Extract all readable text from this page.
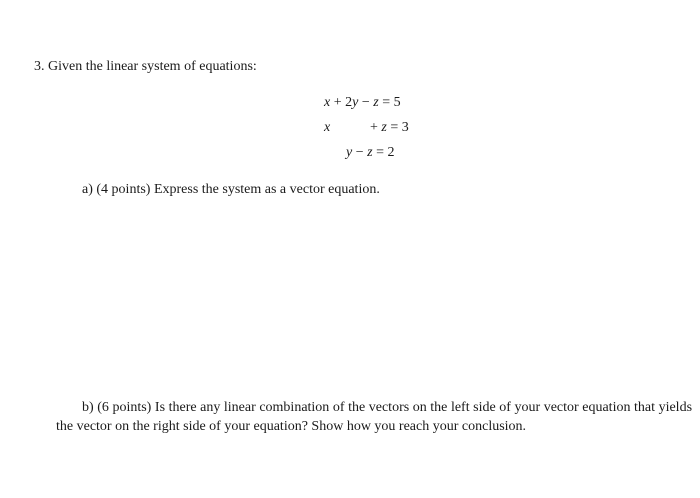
3. Given the linear system of equations:
x + 2y − z = 5
x	+ z = 3
y − z = 2
a) (4 points) Express the system as a vector equation.
b) (6 points) Is there any linear combination of the vectors on the left side of your vector equation that yields the vector on the right side of your equation? Show how you reach your conclusion.
